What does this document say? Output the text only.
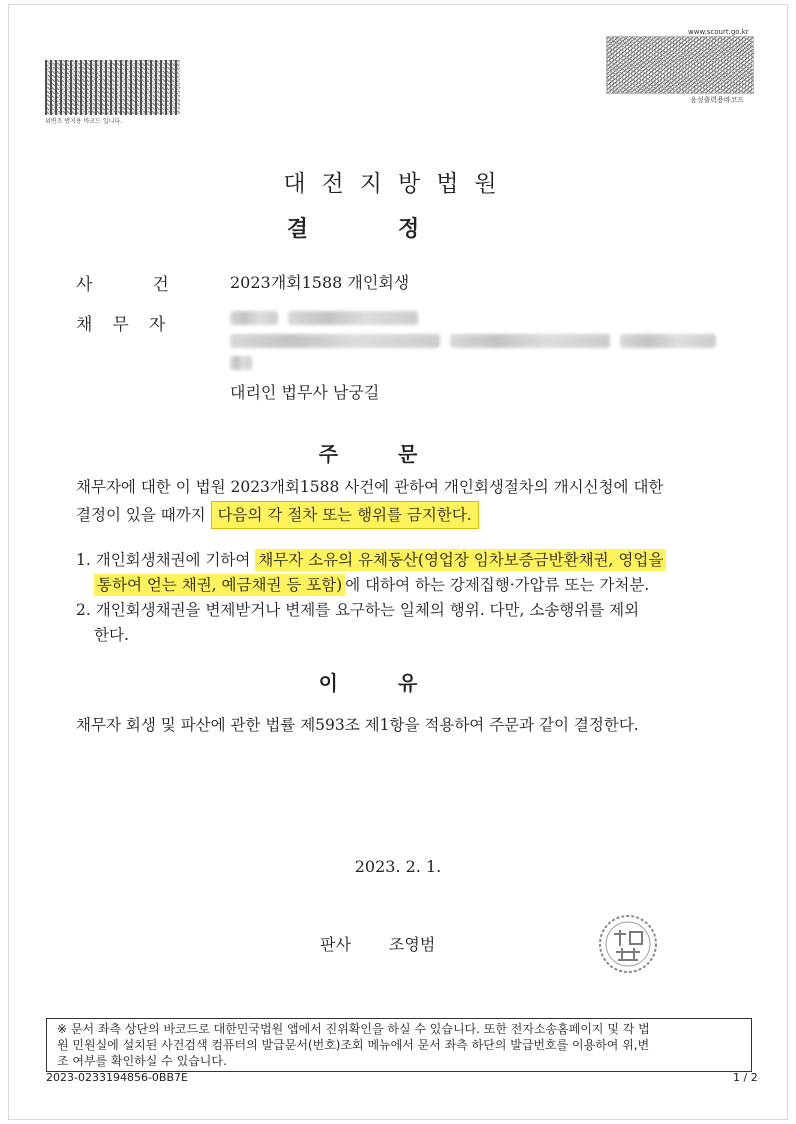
위변조 방지용 바코드 입니다.
www.scourt.go.kr
음성출력용바코드
대전지방법원
결정
사건 2023개회1588 개인회생
채무자
대리인 법무사 남궁길
주문
채무자에 대한 이 법원 2023개회1588 사건에 관하여 개인회생절차의 개시신청에 대한
결정이 있을 때까지 다음의 각 절차 또는 행위를 금지한다.
1. 개인회생채권에 기하여 채무자 소유의 유체동산(영업장 임차보증금반환채권, 영업을
통하여 얻는 채권, 예금채권 등 포함) 에 대하여 하는 강제집행·가압류 또는 가처분.
2. 개인회생채권을 변제받거나 변제를 요구하는 일체의 행위. 다만, 소송행위를 제외
한다.
이유
채무자 회생 및 파산에 관한 법률 제593조 제1항을 적용하여 주문과 같이 결정한다.
2023. 2. 1.
판사 조영범
※ 문서 좌측 상단의 바코드로 대한민국법원 앱에서 진위확인을 하실 수 있습니다. 또한 전자소송홈페이지 및 각 법
원 민원실에 설치된 사건검색 컴퓨터의 발급문서(번호)조회 메뉴에서 문서 좌측 하단의 발급번호를 이용하여 위,변
조 여부를 확인하실 수 있습니다.
2023-0233194856-0BB7E	1 / 2
